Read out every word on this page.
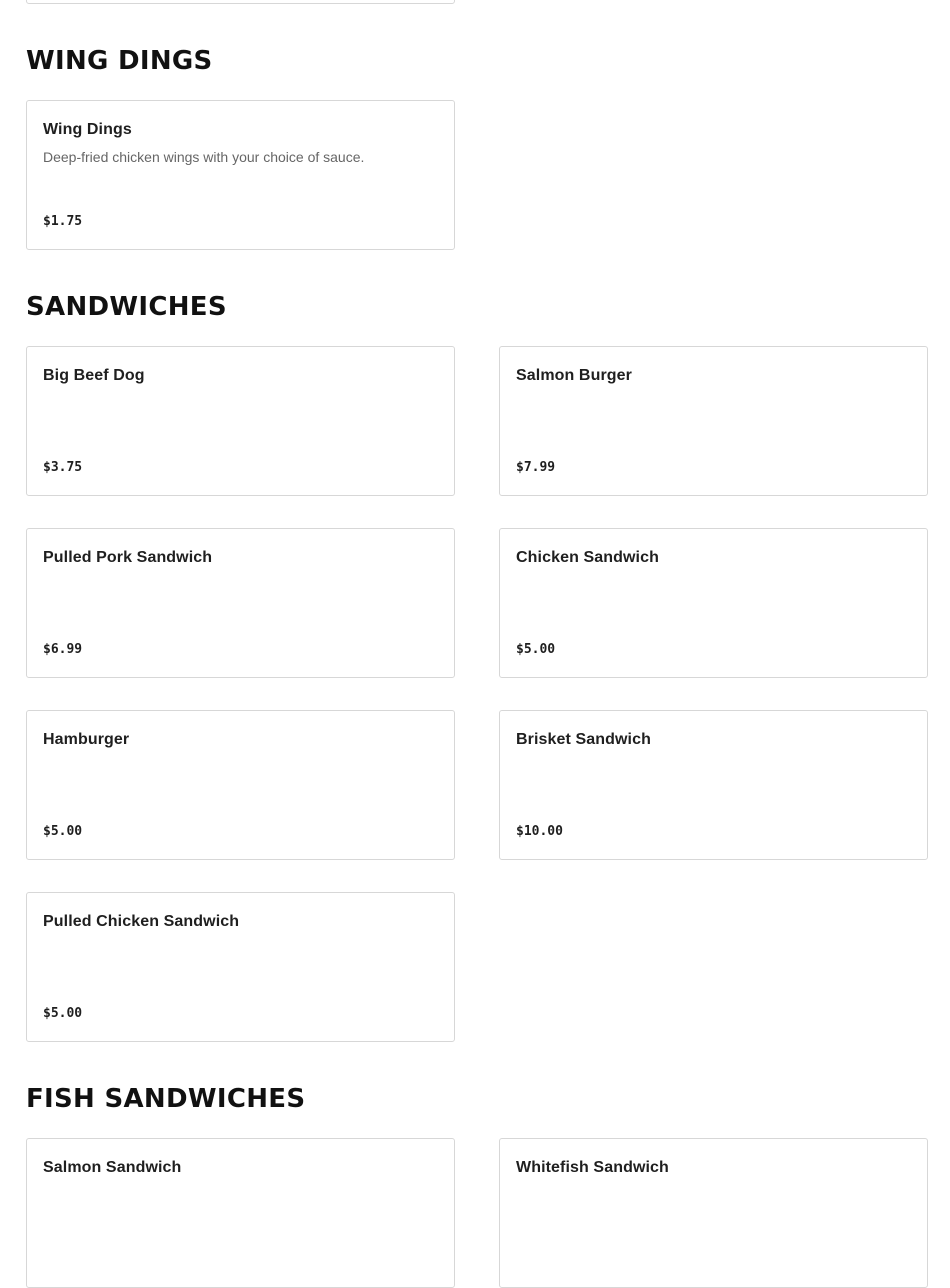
WING DINGS
Wing Dings
Deep-fried chicken wings with your choice of sauce.
$1.75
SANDWICHES
Big Beef Dog
$3.75
Salmon Burger
$7.99
Pulled Pork Sandwich
$6.99
Chicken Sandwich
$5.00
Hamburger
$5.00
Brisket Sandwich
$10.00
Pulled Chicken Sandwich
$5.00
FISH SANDWICHES
Salmon Sandwich	Whitefish Sandwich
